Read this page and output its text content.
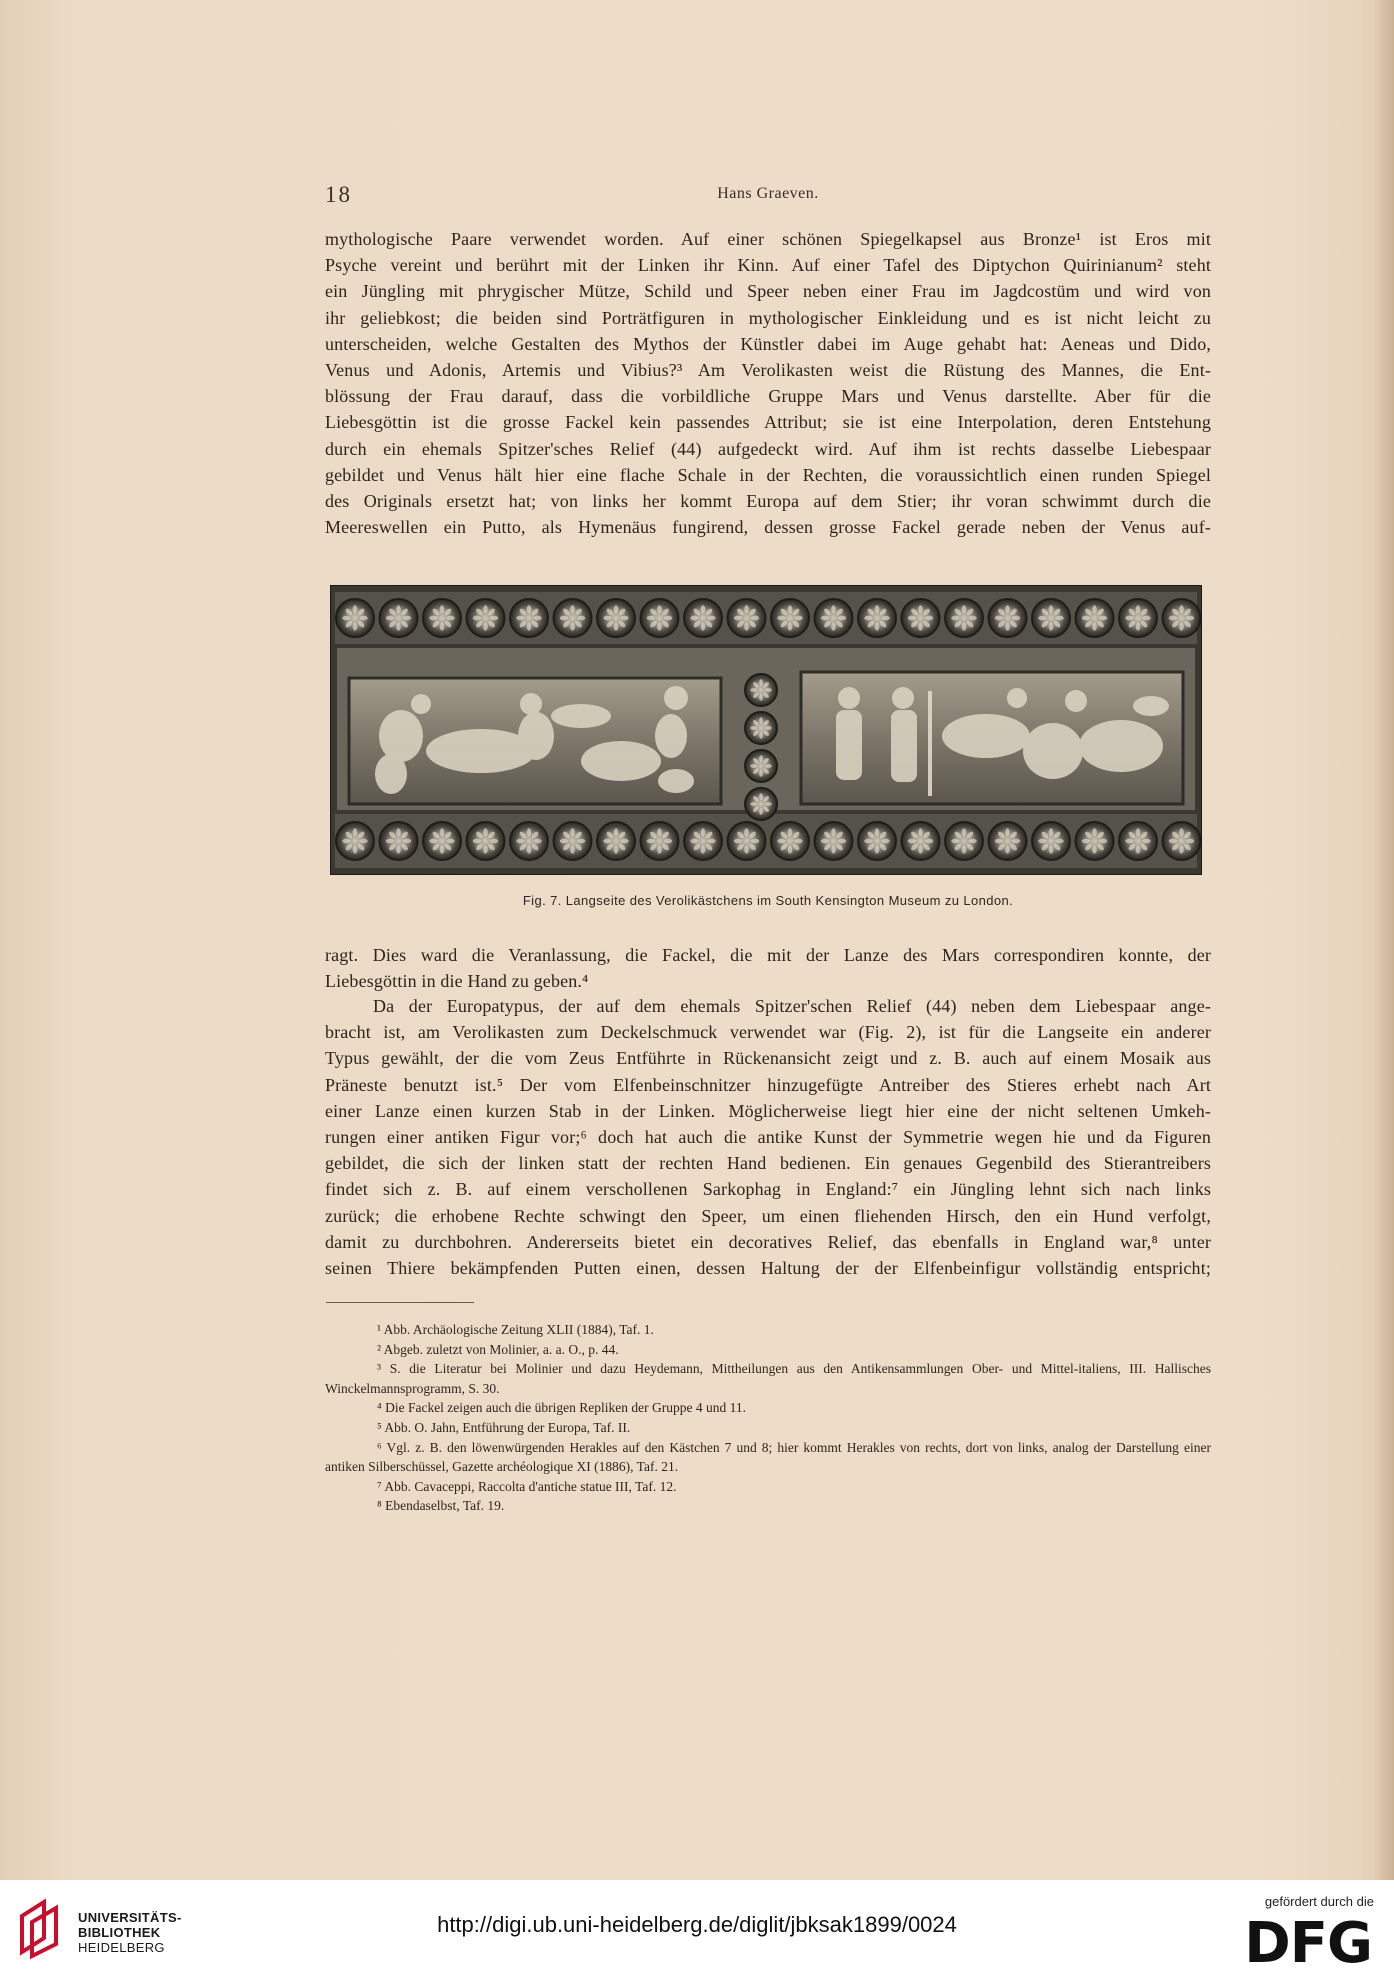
18	Hans Graeven.

mythologische Paare verwendet worden. Auf einer schönen Spiegelkapsel aus Bronze¹ ist Eros mit

Psyche vereint und berührt mit der Linken ihr Kinn. Auf einer Tafel des Diptychon Quirinianum² steht

ein Jüngling mit phrygischer Mütze, Schild und Speer neben einer Frau im Jagdcostüm und wird von

ihr geliebkost; die beiden sind Porträtfiguren in mythologischer Einkleidung und es ist nicht leicht zu

unterscheiden, welche Gestalten des Mythos der Künstler dabei im Auge gehabt hat: Aeneas und Dido,

Venus und Adonis, Artemis und Vibius?³ Am Verolikasten weist die Rüstung des Mannes, die Ent-

blössung der Frau darauf, dass die vorbildliche Gruppe Mars und Venus darstellte. Aber für die

Liebesgöttin ist die grosse Fackel kein passendes Attribut; sie ist eine Interpolation, deren Entstehung

durch ein ehemals Spitzer'sches Relief (44) aufgedeckt wird. Auf ihm ist rechts dasselbe Liebespaar

gebildet und Venus hält hier eine flache Schale in der Rechten, die voraussichtlich einen runden Spiegel

des Originals ersetzt hat; von links her kommt Europa auf dem Stier; ihr voran schwimmt durch die

Meereswellen ein Putto, als Hymenäus fungirend, dessen grosse Fackel gerade neben der Venus auf-

Fig. 7. Langseite des Verolikästchens im South Kensington Museum zu London.

ragt. Dies ward die Veranlassung, die Fackel, die mit der Lanze des Mars correspondiren konnte, der

Liebesgöttin in die Hand zu geben.⁴

Da der Europatypus, der auf dem ehemals Spitzer'schen Relief (44) neben dem Liebespaar ange-

bracht ist, am Verolikasten zum Deckelschmuck verwendet war (Fig. 2), ist für die Langseite ein anderer

Typus gewählt, der die vom Zeus Entführte in Rückenansicht zeigt und z. B. auch auf einem Mosaik aus

Präneste benutzt ist.⁵ Der vom Elfenbeinschnitzer hinzugefügte Antreiber des Stieres erhebt nach Art

einer Lanze einen kurzen Stab in der Linken. Möglicherweise liegt hier eine der nicht seltenen Umkeh-

rungen einer antiken Figur vor;⁶ doch hat auch die antike Kunst der Symmetrie wegen hie und da Figuren

gebildet, die sich der linken statt der rechten Hand bedienen. Ein genaues Gegenbild des Stierantreibers

findet sich z. B. auf einem verschollenen Sarkophag in England:⁷ ein Jüngling lehnt sich nach links

zurück; die erhobene Rechte schwingt den Speer, um einen fliehenden Hirsch, den ein Hund verfolgt,

damit zu durchbohren. Andererseits bietet ein decoratives Relief, das ebenfalls in England war,⁸ unter

seinen Thiere bekämpfenden Putten einen, dessen Haltung der der Elfenbeinfigur vollständig entspricht;

¹ Abb. Archäologische Zeitung XLII (1884), Taf. 1.

² Abgeb. zuletzt von Molinier, a. a. O., p. 44.

³ S. die Literatur bei Molinier und dazu Heydemann, Mittheilungen aus den Antikensammlungen Ober- und Mittel-italiens, III. Hallisches Winckelmannsprogramm, S. 30.

⁴ Die Fackel zeigen auch die übrigen Repliken der Gruppe 4 und 11.

⁵ Abb. O. Jahn, Entführung der Europa, Taf. II.

⁶ Vgl. z. B. den löwenwürgenden Herakles auf den Kästchen 7 und 8; hier kommt Herakles von rechts, dort von links, analog der Darstellung einer antiken Silberschüssel, Gazette archéologique XI (1886), Taf. 21.

⁷ Abb. Cavaceppi, Raccolta d'antiche statue III, Taf. 12.

⁸ Ebendaselbst, Taf. 19.

UNIVERSITÄTS-
BIBLIOTHEK
HEIDELBERG
http://digi.ub.uni-heidelberg.de/diglit/jbksak1899/0024
gefördert durch die
DFG
